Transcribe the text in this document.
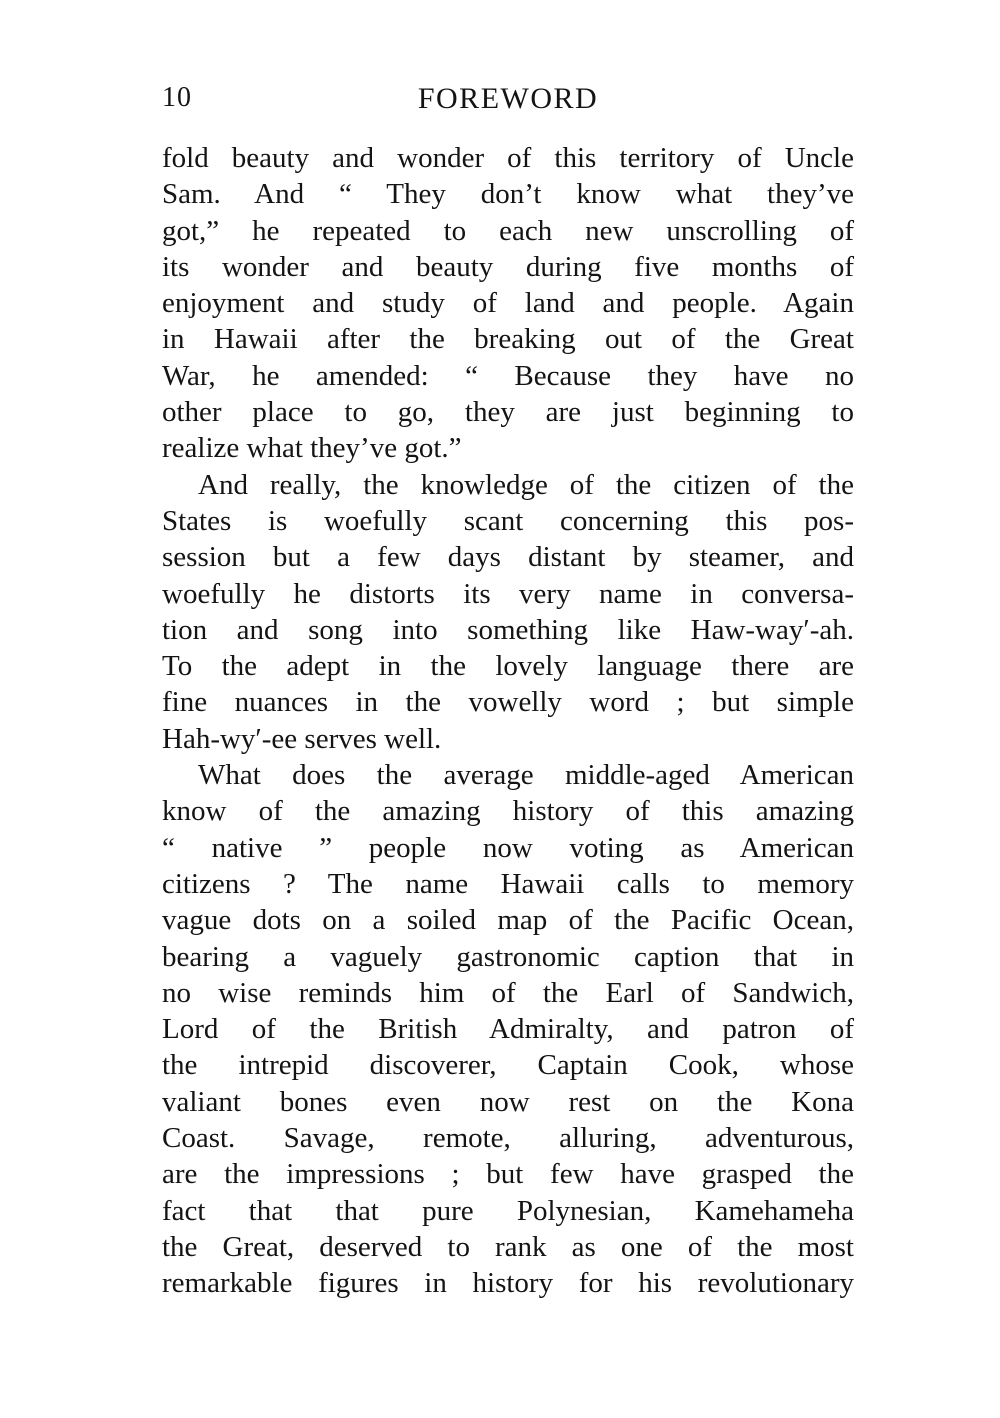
10	FOREWORD
fold beauty and wonder of this territory of Uncle
Sam. And “ They don’t know what they’ve
got,” he repeated to each new unscrolling of
its wonder and beauty during five months of
enjoyment and study of land and people. Again
in Hawaii after the breaking out of the Great
War, he amended: “ Because they have no
other place to go, they are just beginning to
realize what they’ve got.”
And really, the knowledge of the citizen of the
States is woefully scant concerning this pos-
session but a few days distant by steamer, and
woefully he distorts its very name in conversa-
tion and song into something like Haw-way′-ah.
To the adept in the lovely language there are
fine nuances in the vowelly word ; but simple
Hah-wy′-ee serves well.
What does the average middle-aged American
know of the amazing history of this amazing
“ native ” people now voting as American
citizens ? The name Hawaii calls to memory
vague dots on a soiled map of the Pacific Ocean,
bearing a vaguely gastronomic caption that in
no wise reminds him of the Earl of Sandwich,
Lord of the British Admiralty, and patron of
the intrepid discoverer, Captain Cook, whose
valiant bones even now rest on the Kona
Coast. Savage, remote, alluring, adventurous,
are the impressions ; but few have grasped the
fact that that pure Polynesian, Kamehameha
the Great, deserved to rank as one of the most
remarkable figures in history for his revolutionary
